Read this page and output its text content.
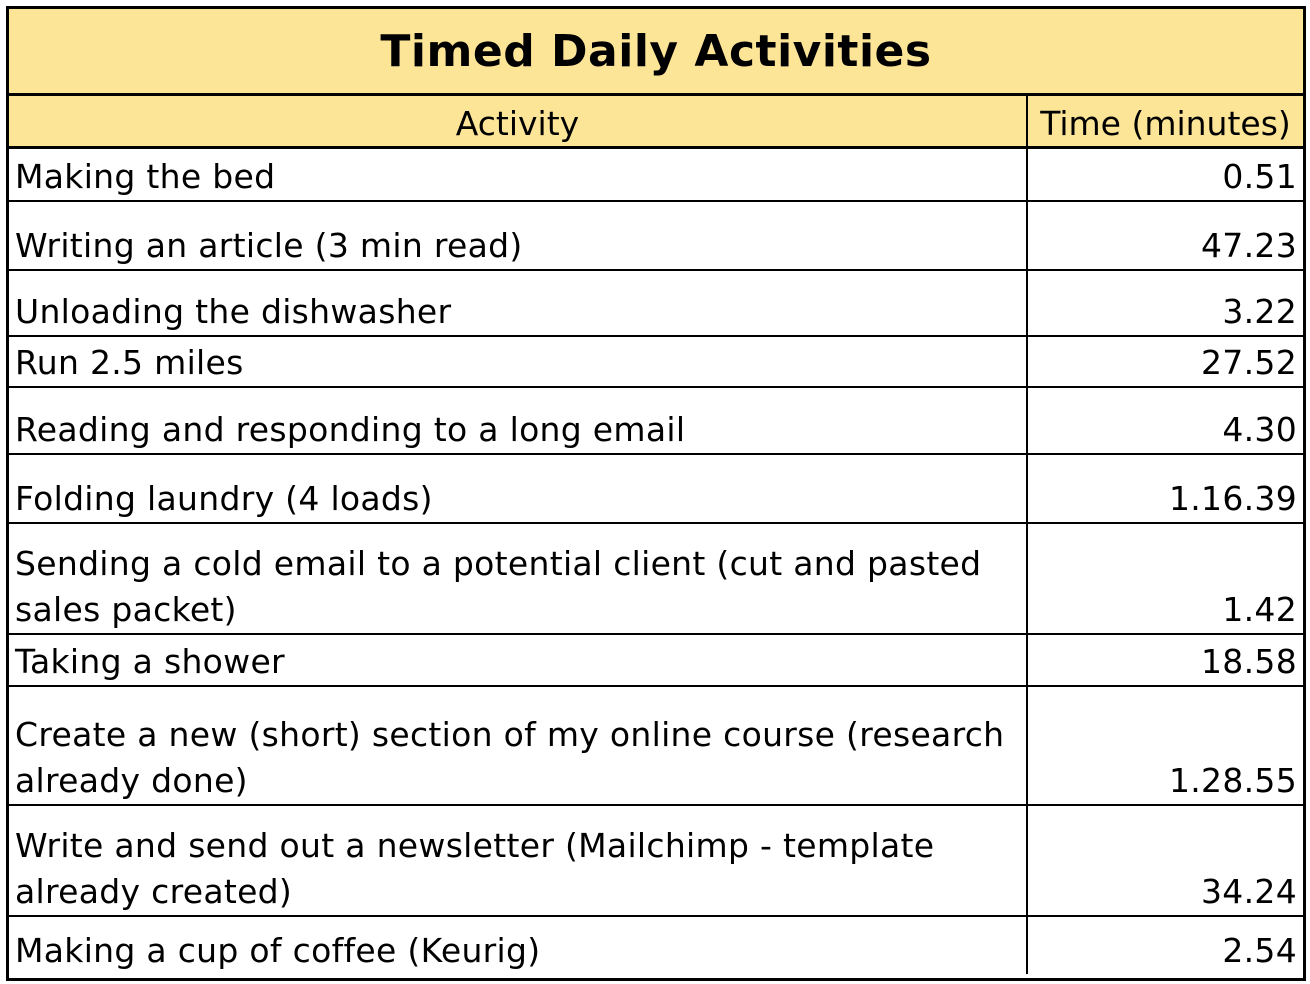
Timed Daily Activities
Activity	Time (minutes)
Making the bed	0.51
Writing an article (3 min read)	47.23
Unloading the dishwasher	3.22
Run 2.5 miles	27.52
Reading and responding to a long email	4.30
Folding laundry (4 loads)	1.16.39
Sending a cold email to a potential client (cut and pasted sales packet)	1.42
Taking a shower	18.58
Create a new (short) section of my online course (research already done)	1.28.55
Write and send out a newsletter (Mailchimp - template already created)	34.24
Making a cup of coffee (Keurig)	2.54
